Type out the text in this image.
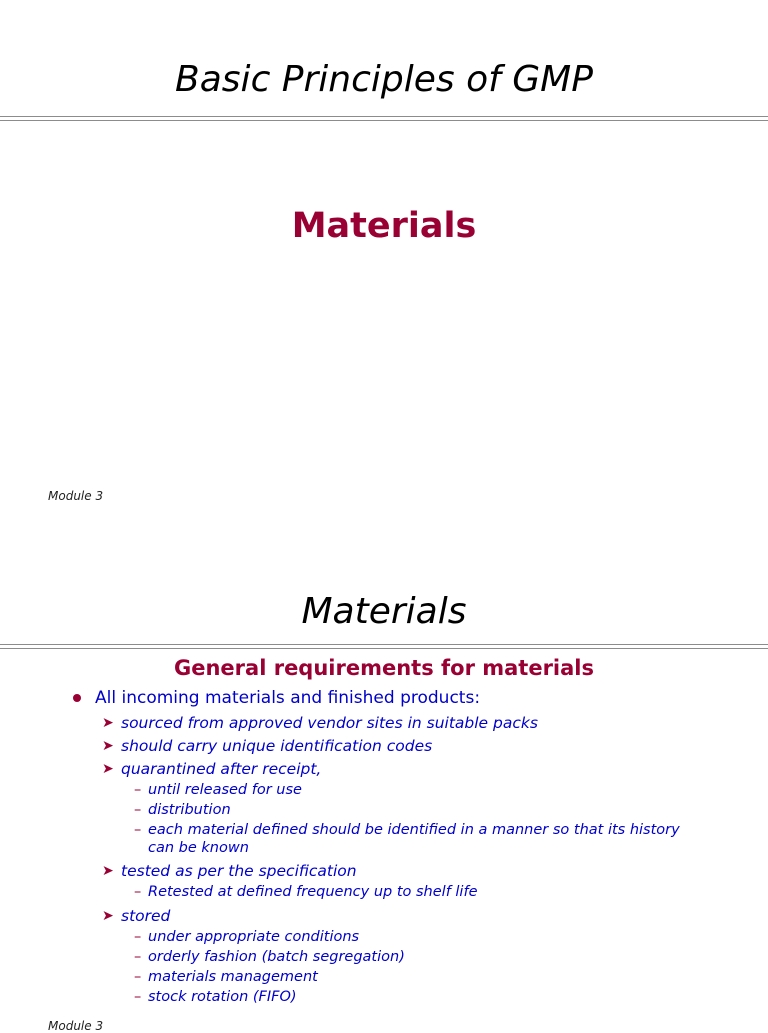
Basic Principles of GMP
Materials
Module 3
Materials
General requirements for materials
All incoming materials and finished products:
➤ sourced from approved vendor sites in suitable packs
➤ should carry unique identification codes
➤ quarantined after receipt,
– until released for use
– distribution
– each material defined should be identified in a manner so that its history can be known
➤ tested as per the specification
– Retested at defined frequency up to shelf life
➤ stored
– under appropriate conditions
– orderly fashion (batch segregation)
– materials management
– stock rotation (FIFO)
Module 3
